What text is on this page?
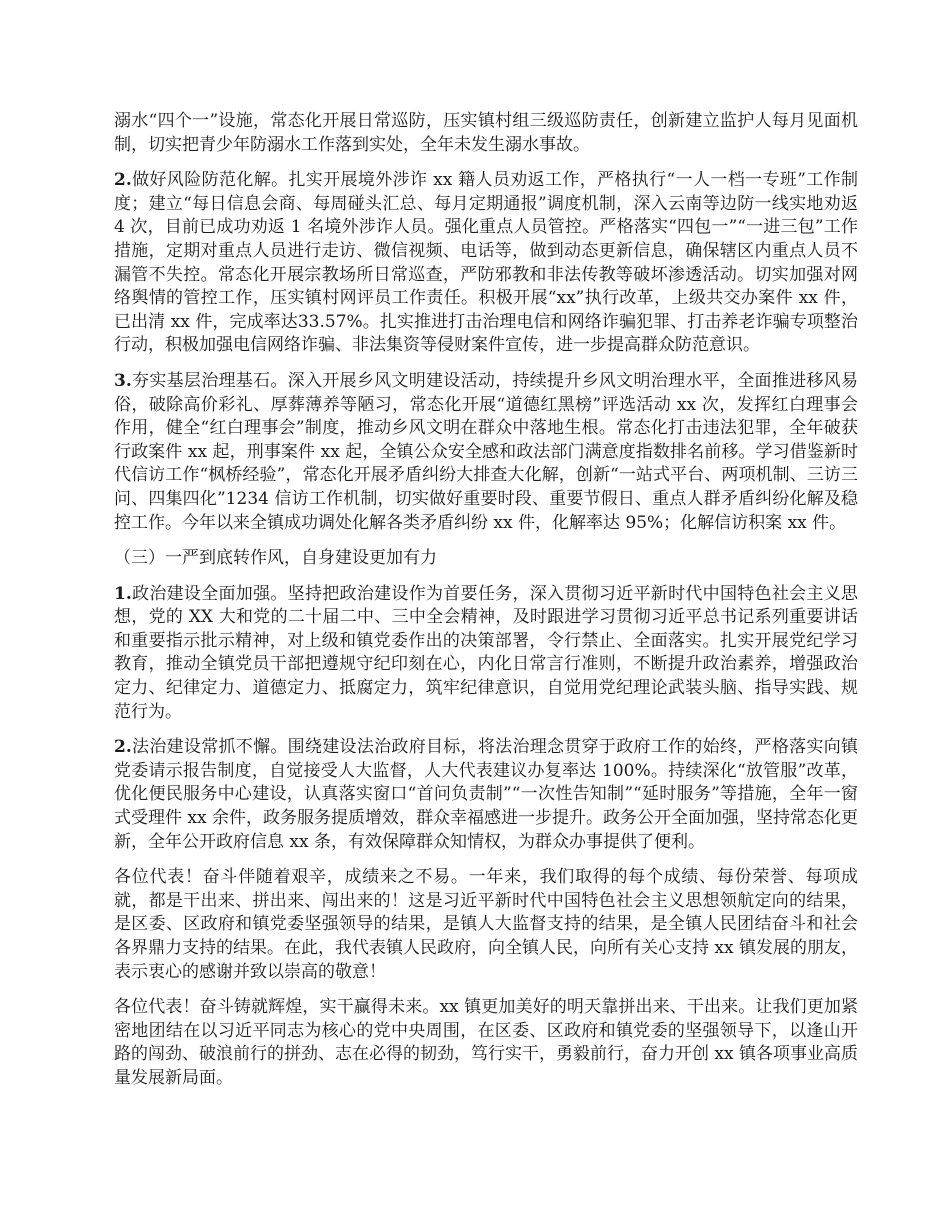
溺水“四个一”设施，常态化开展日常巡防，压实镇村组三级巡防责任，创新建立监护人每月见面机制，切实把青少年防溺水工作落到实处，全年未发生溺水事故。

2.做好风险防范化解。扎实开展境外涉诈 xx 籍人员劝返工作，严格执行“一人一档一专班”工作制度；建立“每日信息会商、每周碰头汇总、每月定期通报”调度机制，深入云南等边防一线实地劝返 4 次，目前已成功劝返 1 名境外涉诈人员。强化重点人员管控。严格落实“四包一”“一进三包”工作措施，定期对重点人员进行走访、微信视频、电话等，做到动态更新信息，确保辖区内重点人员不漏管不失控。常态化开展宗教场所日常巡查，严防邪教和非法传教等破坏渗透活动。切实加强对网络舆情的管控工作，压实镇村网评员工作责任。积极开展“xx”执行改革，上级共交办案件 xx 件，已出清 xx 件，完成率达33.57%。扎实推进打击治理电信和网络诈骗犯罪、打击养老诈骗专项整治行动，积极加强电信网络诈骗、非法集资等侵财案件宣传，进一步提高群众防范意识。

3.夯实基层治理基石。深入开展乡风文明建设活动，持续提升乡风文明治理水平，全面推进移风易俗，破除高价彩礼、厚葬薄养等陋习，常态化开展“道德红黑榜”评选活动 xx 次，发挥红白理事会作用，健全“红白理事会”制度，推动乡风文明在群众中落地生根。常态化打击违法犯罪，全年破获行政案件 xx 起，刑事案件 xx 起，全镇公众安全感和政法部门满意度指数排名前移。学习借鉴新时代信访工作“枫桥经验”，常态化开展矛盾纠纷大排查大化解，创新“一站式平台、两项机制、三访三问、四集四化”1234 信访工作机制，切实做好重要时段、重要节假日、重点人群矛盾纠纷化解及稳控工作。今年以来全镇成功调处化解各类矛盾纠纷 xx 件，化解率达 95%；化解信访积案 xx 件。

（三）一严到底转作风，自身建设更加有力

1.政治建设全面加强。坚持把政治建设作为首要任务，深入贯彻习近平新时代中国特色社会主义思想，党的 XX 大和党的二十届二中、三中全会精神，及时跟进学习贯彻习近平总书记系列重要讲话和重要指示批示精神，对上级和镇党委作出的决策部署，令行禁止、全面落实。扎实开展党纪学习教育，推动全镇党员干部把遵规守纪印刻在心，内化日常言行准则，不断提升政治素养，增强政治定力、纪律定力、道德定力、抵腐定力，筑牢纪律意识，自觉用党纪理论武装头脑、指导实践、规范行为。

2.法治建设常抓不懈。围绕建设法治政府目标，将法治理念贯穿于政府工作的始终，严格落实向镇党委请示报告制度，自觉接受人大监督，人大代表建议办复率达 100%。持续深化“放管服”改革，优化便民服务中心建设，认真落实窗口“首问负责制”“一次性告知制”“延时服务”等措施，全年一窗式受理件 xx 余件，政务服务提质增效，群众幸福感进一步提升。政务公开全面加强，坚持常态化更新，全年公开政府信息 xx 条，有效保障群众知情权，为群众办事提供了便利。

各位代表！奋斗伴随着艰辛，成绩来之不易。一年来，我们取得的每个成绩、每份荣誉、每项成就，都是干出来、拼出来、闯出来的！这是习近平新时代中国特色社会主义思想领航定向的结果，是区委、区政府和镇党委坚强领导的结果，是镇人大监督支持的结果，是全镇人民团结奋斗和社会各界鼎力支持的结果。在此，我代表镇人民政府，向全镇人民，向所有关心支持 xx 镇发展的朋友，表示衷心的感谢并致以崇高的敬意！

各位代表！奋斗铸就辉煌，实干赢得未来。xx 镇更加美好的明天靠拼出来、干出来。让我们更加紧密地团结在以习近平同志为核心的党中央周围，在区委、区政府和镇党委的坚强领导下，以逢山开路的闯劲、破浪前行的拼劲、志在必得的韧劲，笃行实干，勇毅前行，奋力开创 xx 镇各项事业高质量发展新局面。
